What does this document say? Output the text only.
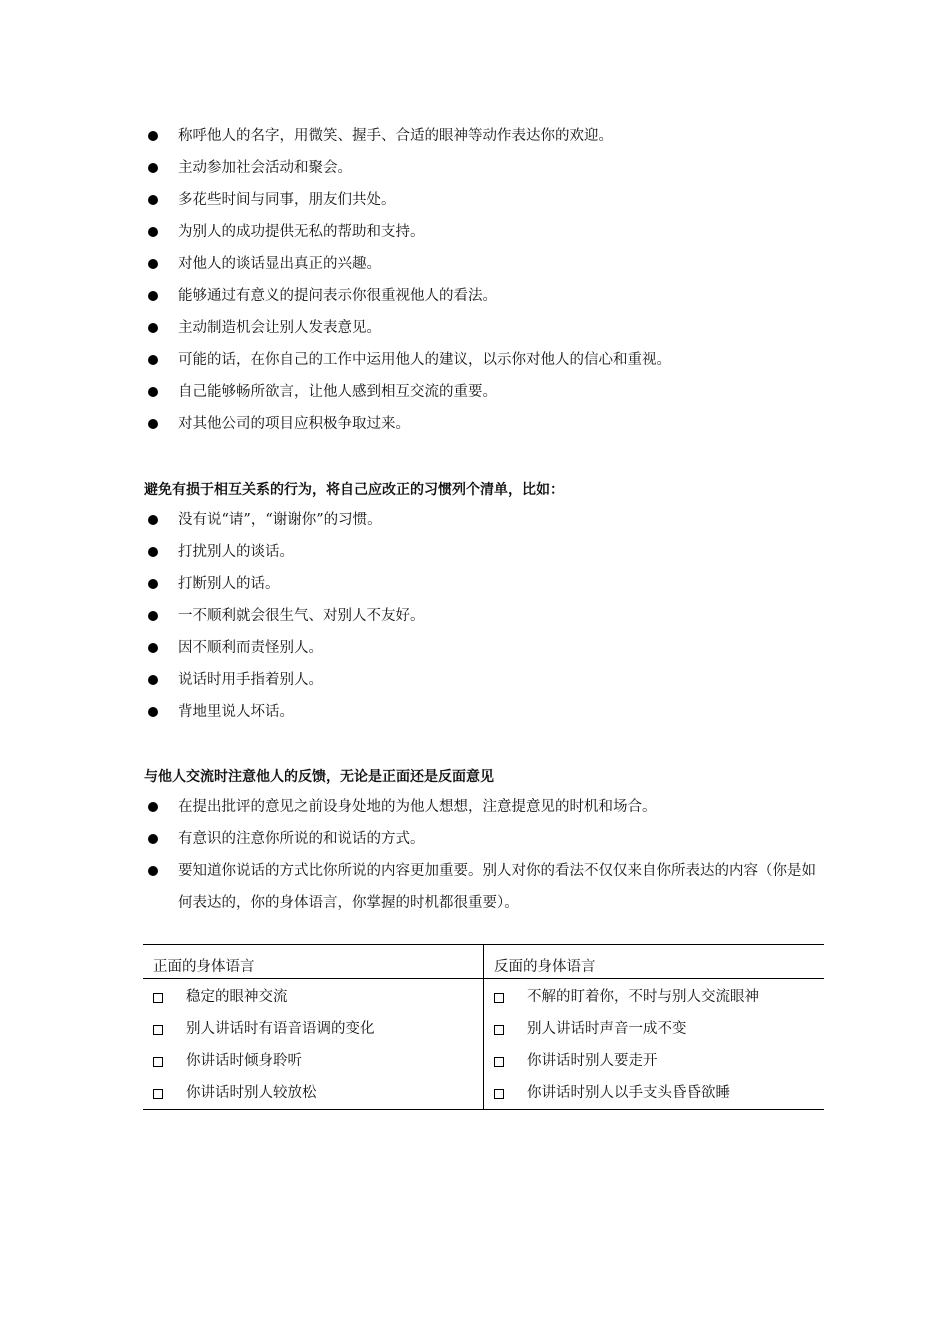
称呼他人的名字，用微笑、握手、合适的眼神等动作表达你的欢迎。
主动参加社会活动和聚会。
多花些时间与同事，朋友们共处。
为别人的成功提供无私的帮助和支持。
对他人的谈话显出真正的兴趣。
能够通过有意义的提问表示你很重视他人的看法。
主动制造机会让别人发表意见。
可能的话，在你自己的工作中运用他人的建议，以示你对他人的信心和重视。
自己能够畅所欲言，让他人感到相互交流的重要。
对其他公司的项目应积极争取过来。
避免有损于相互关系的行为，将自己应改正的习惯列个清单，比如：
没有说“请”，“谢谢你”的习惯。
打扰别人的谈话。
打断别人的话。
一不顺利就会很生气、对别人不友好。
因不顺利而责怪别人。
说话时用手指着别人。
背地里说人坏话。
与他人交流时注意他人的反馈，无论是正面还是反面意见
在提出批评的意见之前设身处地的为他人想想，注意提意见的时机和场合。
有意识的注意你所说的和说话的方式。
要知道你说话的方式比你所说的内容更加重要。别人对你的看法不仅仅来自你所表达的内容（你是如何表达的，你的身体语言，你掌握的时机都很重要）。
正面的身体语言	反面的身体语言
稳定的眼神交流
别人讲话时有语音语调的变化
你讲话时倾身聆听
你讲话时别人较放松
不解的盯着你，不时与别人交流眼神
别人讲话时声音一成不变
你讲话时别人要走开
你讲话时别人以手支头昏昏欲睡
